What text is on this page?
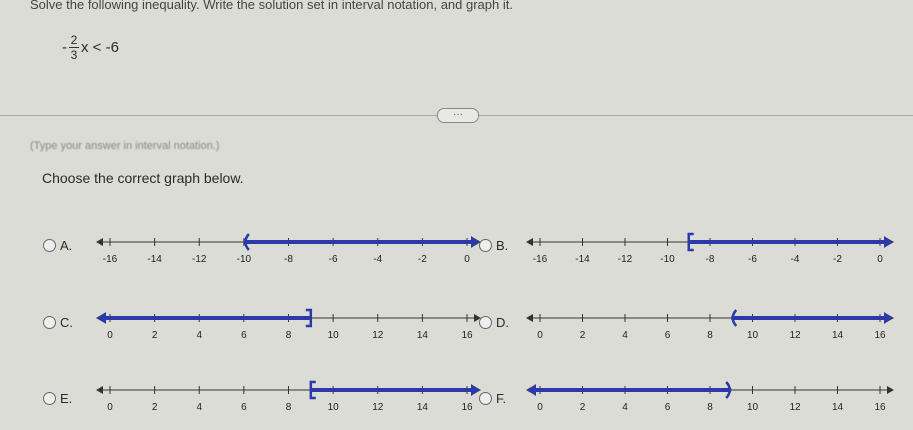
Solve the following inequality. Write the solution set in interval notation, and graph it.
- $\frac{2}{3}$ x < -6
···
(Type your answer in interval notation.)
Choose the correct graph below.
A.
-16	-14	-12	-10	-8	-6	-4	-2	0
B.
-16	-14	-12	-10	-8	-6	-4	-2	0
C.
0	2	4	6	8	10	12	14	16
D.
0	2	4	6	8	10	12	14	16
E.
0	2	4	6	8	10	12	14	16
F.
0	2	4	6	8	10	12	14	16
